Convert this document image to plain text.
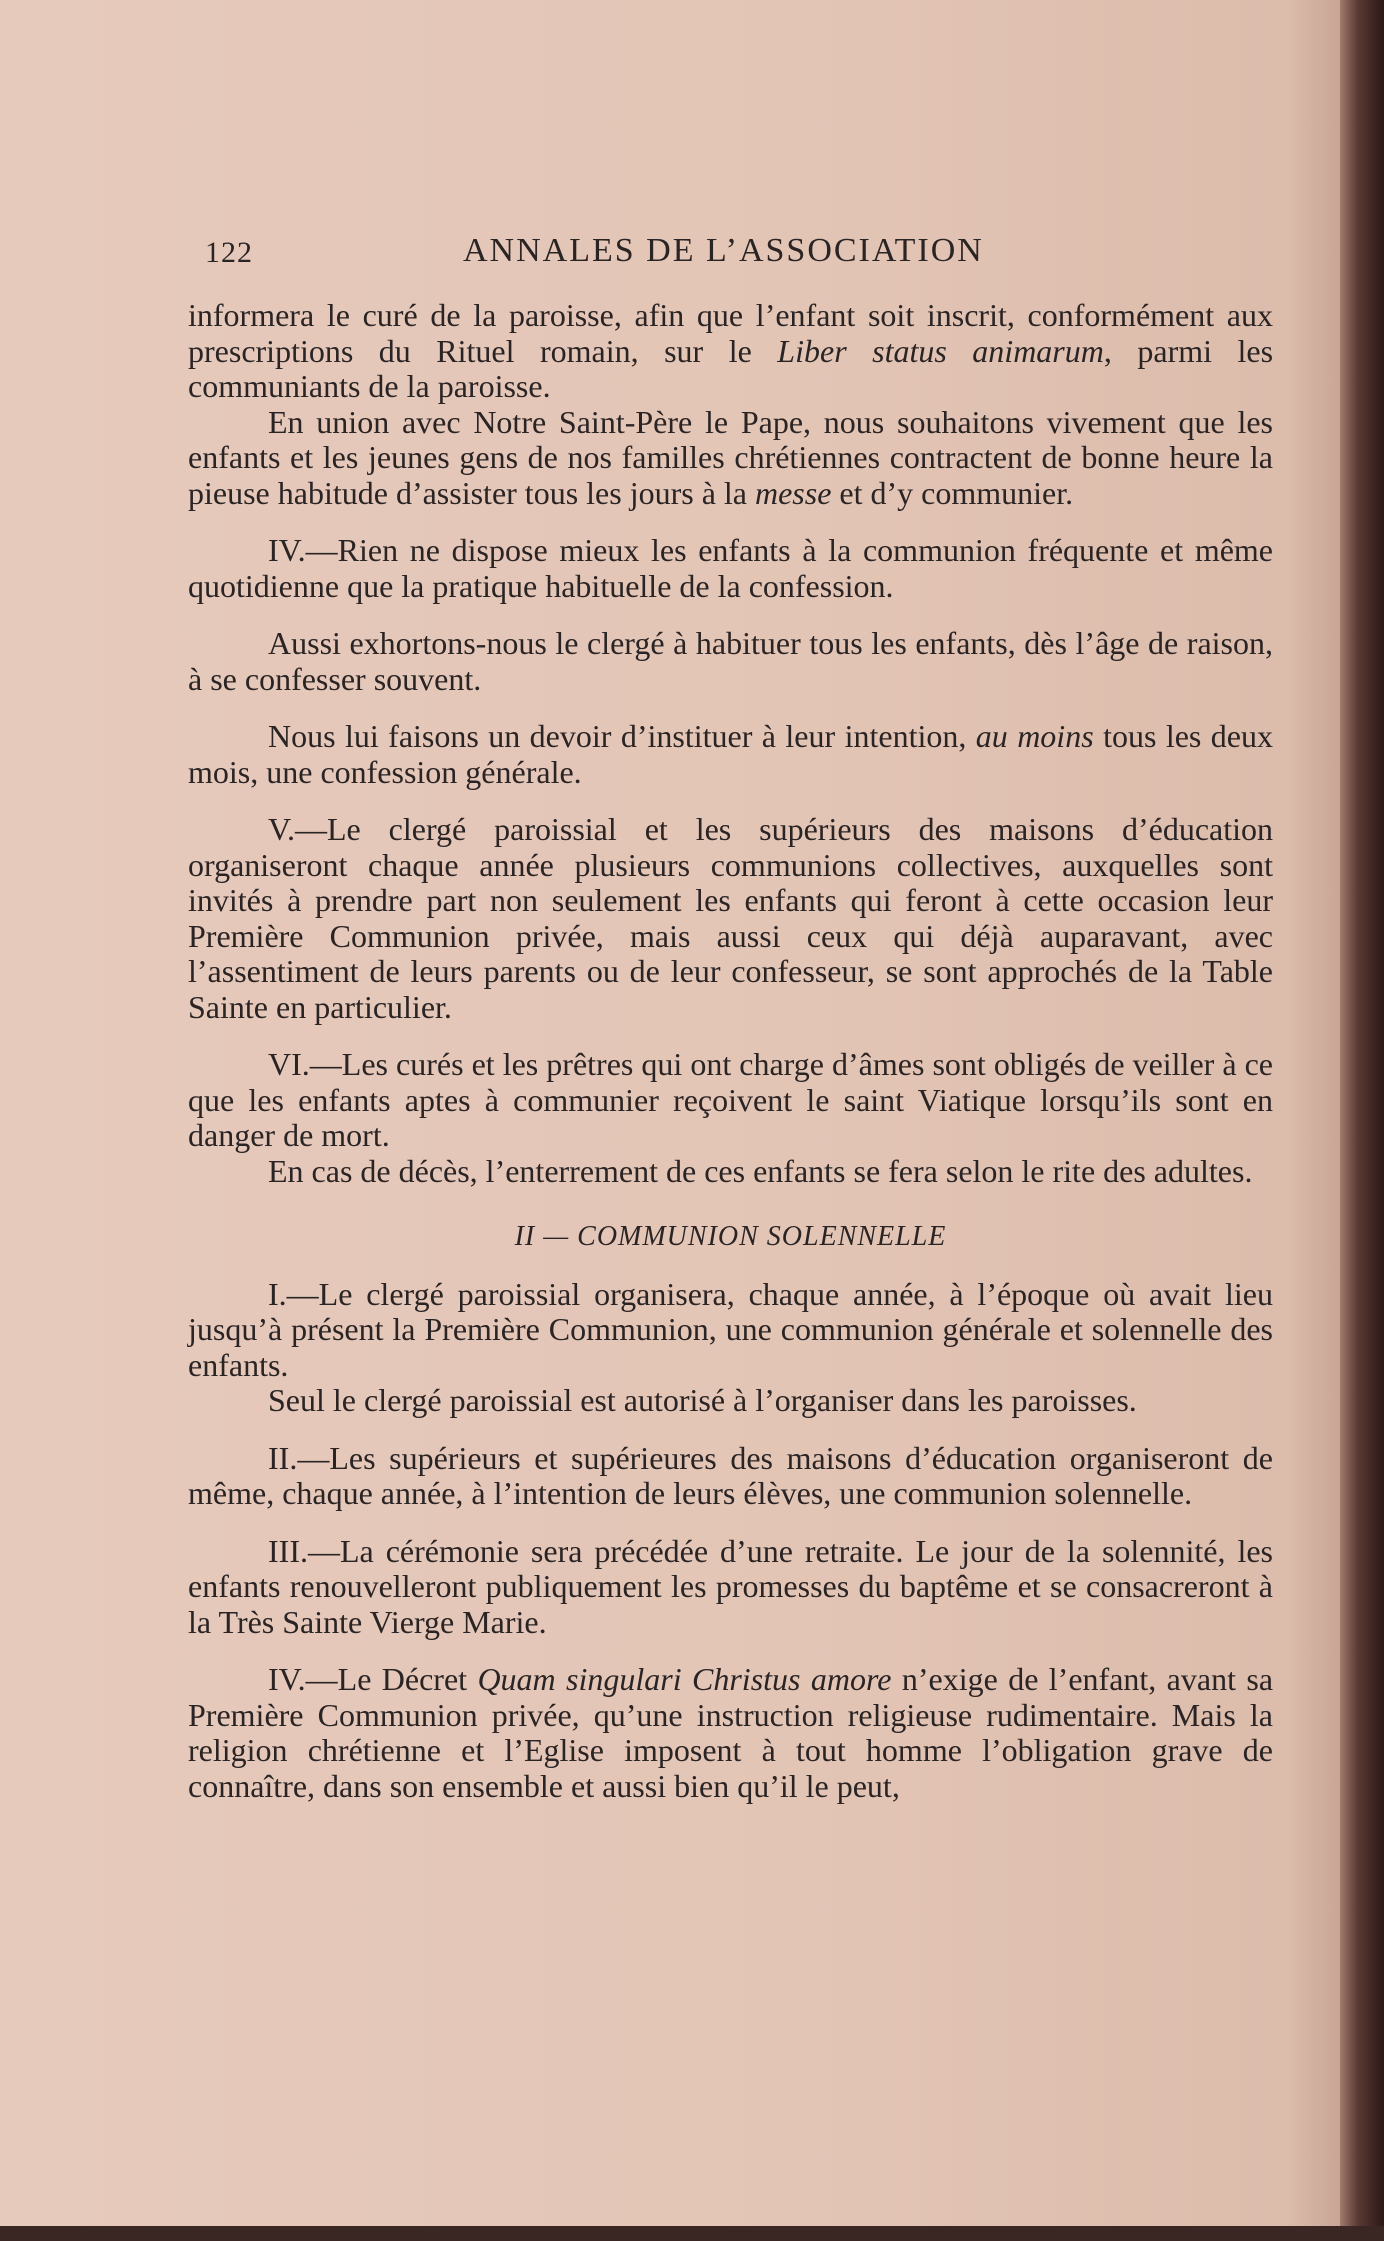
122	ANNALES DE L’ASSOCIATION

informera le curé de la paroisse, afin que l’enfant soit inscrit, conformément aux prescriptions du Rituel romain, sur le Liber status animarum, parmi les communiants de la paroisse.

En union avec Notre Saint-Père le Pape, nous souhaitons vivement que les enfants et les jeunes gens de nos familles chrétiennes contractent de bonne heure la pieuse habitude d’assister tous les jours à la messe et d’y communier.

IV.—Rien ne dispose mieux les enfants à la communion fréquente et même quotidienne que la pratique habituelle de la confession.

Aussi exhortons-nous le clergé à habituer tous les enfants, dès l’âge de raison, à se confesser souvent.

Nous lui faisons un devoir d’instituer à leur intention, au moins tous les deux mois, une confession générale.

V.—Le clergé paroissial et les supérieurs des maisons d’éducation organiseront chaque année plusieurs communions collectives, auxquelles sont invités à prendre part non seulement les enfants qui feront à cette occasion leur Première Communion privée, mais aussi ceux qui déjà auparavant, avec l’assentiment de leurs parents ou de leur confesseur, se sont approchés de la Table Sainte en particulier.

VI.—Les curés et les prêtres qui ont charge d’âmes sont obligés de veiller à ce que les enfants aptes à communier reçoivent le saint Viatique lorsqu’ils sont en danger de mort.

En cas de décès, l’enterrement de ces enfants se fera selon le rite des adultes.

II — COMMUNION SOLENNELLE

I.—Le clergé paroissial organisera, chaque année, à l’époque où avait lieu jusqu’à présent la Première Communion, une communion générale et solennelle des enfants.

Seul le clergé paroissial est autorisé à l’organiser dans les paroisses.

II.—Les supérieurs et supérieures des maisons d’éducation organiseront de même, chaque année, à l’intention de leurs élèves, une communion solennelle.

III.—La cérémonie sera précédée d’une retraite. Le jour de la solennité, les enfants renouvelleront publiquement les promesses du baptême et se consacreront à la Très Sainte Vierge Marie.

IV.—Le Décret Quam singulari Christus amore n’exige de l’enfant, avant sa Première Communion privée, qu’une instruction religieuse rudimentaire. Mais la religion chrétienne et l’Eglise imposent à tout homme l’obligation grave de connaître, dans son ensemble et aussi bien qu’il le peut,
